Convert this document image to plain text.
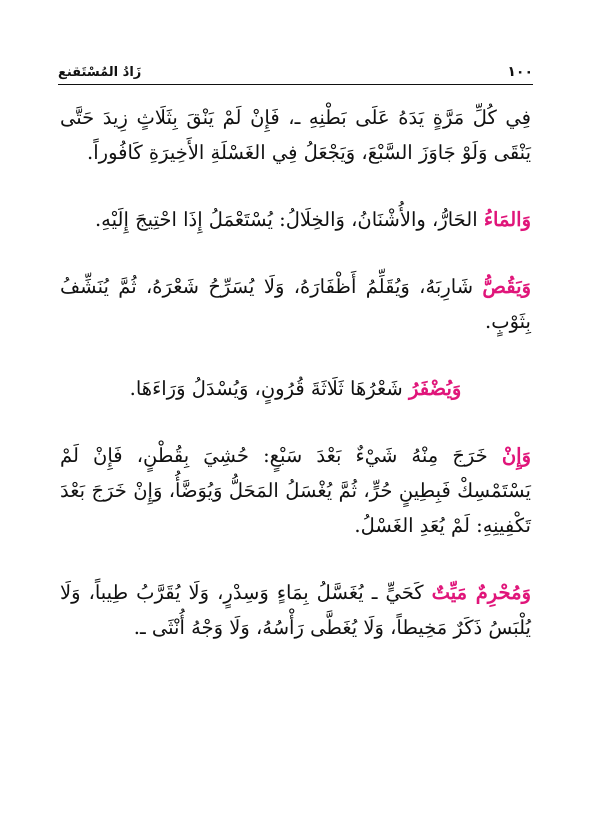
١٠٠
زَادُ المُسْتَقنع

فِي كُلِّ مَرَّةٍ يَدَهُ عَلَى بَطْنِهِ ـ، فَإِنْ لَمْ يَنْقَ بِثَلَاثٍ زِيدَ حَتَّى يَنْقَى وَلَوْ جَاوَزَ السَّبْعَ، وَيَجْعَلُ فِي الغَسْلَةِ الأَخِيرَةِ كَافُوراً.

وَالمَاءُ الحَارُّ، والأُشْنَانُ، وَالخِلَالُ: يُسْتَعْمَلُ إِذَا احْتِيجَ إِلَيْهِ.

وَيَقُصُّ شَارِبَهُ، وَيُقَلِّمُ أَظْفَارَهُ، وَلَا يُسَرِّحُ شَعْرَهُ، ثُمَّ يُنَشِّفُ بِثَوْبٍ.

وَيُضْفَرُ شَعْرُهَا ثَلَاثَةَ قُرُونٍ، وَيُسْدَلُ وَرَاءَهَا.

وَإِنْ خَرَجَ مِنْهُ شَيْءٌ بَعْدَ سَبْعٍ: حُشِيَ بِقُطْنٍ، فَإِنْ لَمْ يَسْتَمْسِكْ فَبِطِينٍ حُرٍّ، ثُمَّ يُغْسَلُ المَحَلُّ وَيُوَضَّأُ، وَإِنْ خَرَجَ بَعْدَ تَكْفِينِهِ: لَمْ يُعَدِ الغَسْلُ.

وَمُحْرِمٌ مَيِّتٌ كَحَيٍّ ـ يُغَسَّلُ بِمَاءٍ وَسِدْرٍ، وَلَا يُقَرَّبُ طِيباً، وَلَا يُلْبَسُ ذَكَرٌ مَخِيطاً، وَلَا يُغَطَّى رَأْسُهُ، وَلَا وَجْهُ أُنْثَى ـ.
